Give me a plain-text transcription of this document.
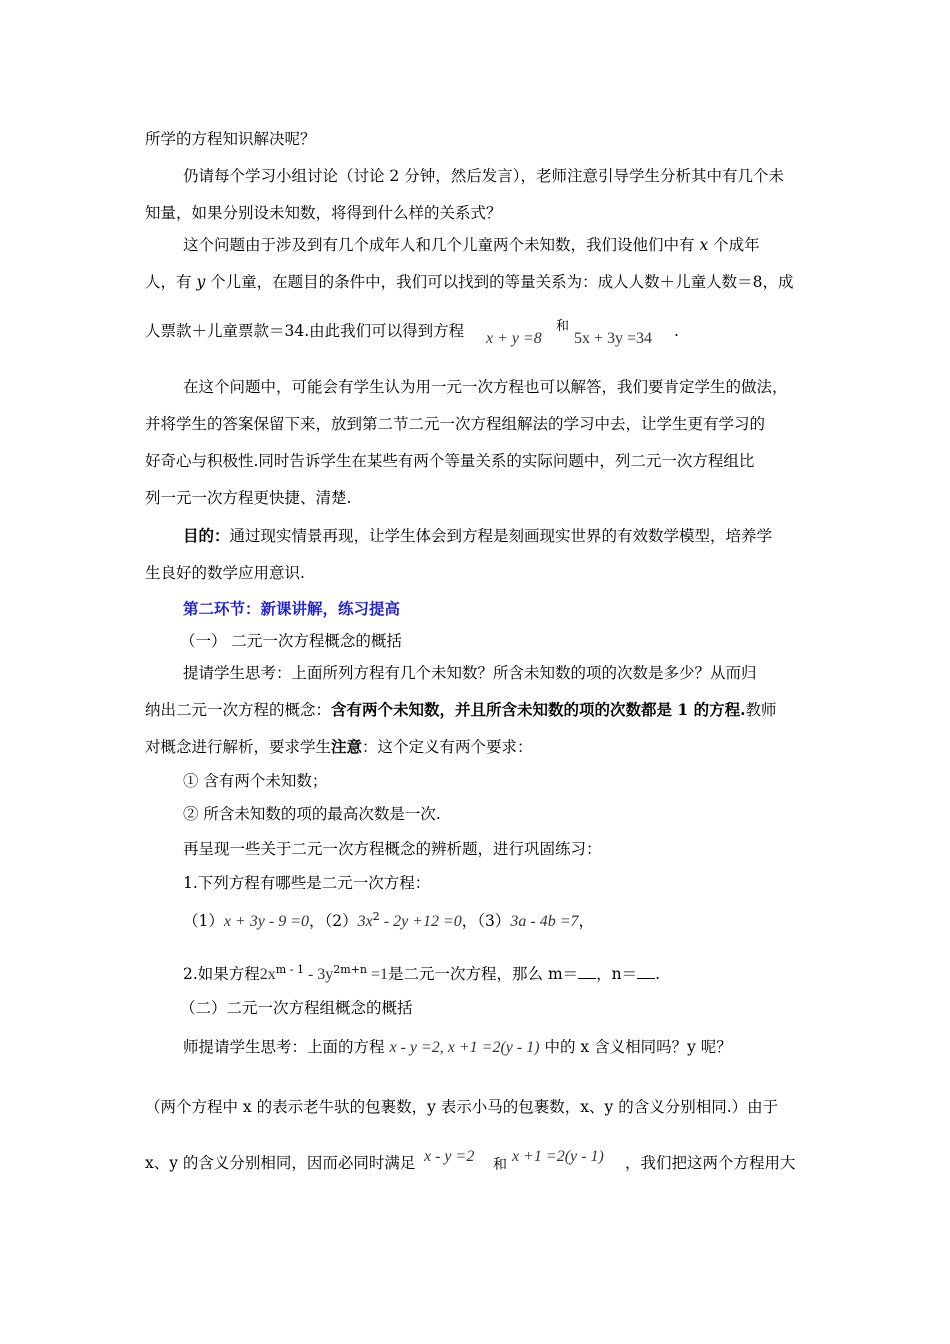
所学的方程知识解决呢？
仍请每个学习小组讨论（讨论 2 分钟，然后发言），老师注意引导学生分析其中有几个未
知量，如果分别设未知数，将得到什么样的关系式？
这个问题由于涉及到有几个成年人和几个儿童两个未知数，我们设他们中有 x 个成年
人，有 y 个儿童，在题目的条件中，我们可以找到的等量关系为：成人人数＋儿童人数＝8，成
人票款＋儿童票款＝34.由此我们可以得到方程 x + y =8
和
5x + 3y =34 .
在这个问题中，可能会有学生认为用一元一次方程也可以解答，我们要肯定学生的做法，
并将学生的答案保留下来，放到第二节二元一次方程组解法的学习中去，让学生更有学习的
好奇心与积极性.同时告诉学生在某些有两个等量关系的实际问题中，列二元一次方程组比
列一元一次方程更快捷、清楚.
目的：通过现实情景再现，让学生体会到方程是刻画现实世界的有效数学模型，培养学
生良好的数学应用意识.
第二环节：新课讲解，练习提高
（一） 二元一次方程概念的概括
提请学生思考：上面所列方程有几个未知数？所含未知数的项的次数是多少？从而归
纳出二元一次方程的概念：含有两个未知数，并且所含未知数的项的次数都是 1 的方程.教师
对概念进行解析，要求学生注意：这个定义有两个要求：
① 含有两个未知数；
② 所含未知数的项的最高次数是一次.
再呈现一些关于二元一次方程概念的辨析题，进行巩固练习：
1.下列方程有哪些是二元一次方程：
（1）x + 3y - 9 =0，$(2)3x^2 - 2y +12 =0$，（3）3a - 4b =7，
2.如果方程$2x^{m - 1} - 3y^{2m+n} =1$是二元一次方程，那么 m＝ ，n＝ .
（二）二元一次方程组概念的概括
师提请学生思考：上面的方程 x - y =2, x +1 =2(y - 1) 中的 x 含义相同吗？y 呢？
（两个方程中 x 的表示老牛驮的包裹数，y 表示小马的包裹数，x、y 的含义分别相同.）由于
x、y 的含义分别相同，因而必同时满足 x - y =2 和 x +1 =2(y - 1) ，我们把这两个方程用大
